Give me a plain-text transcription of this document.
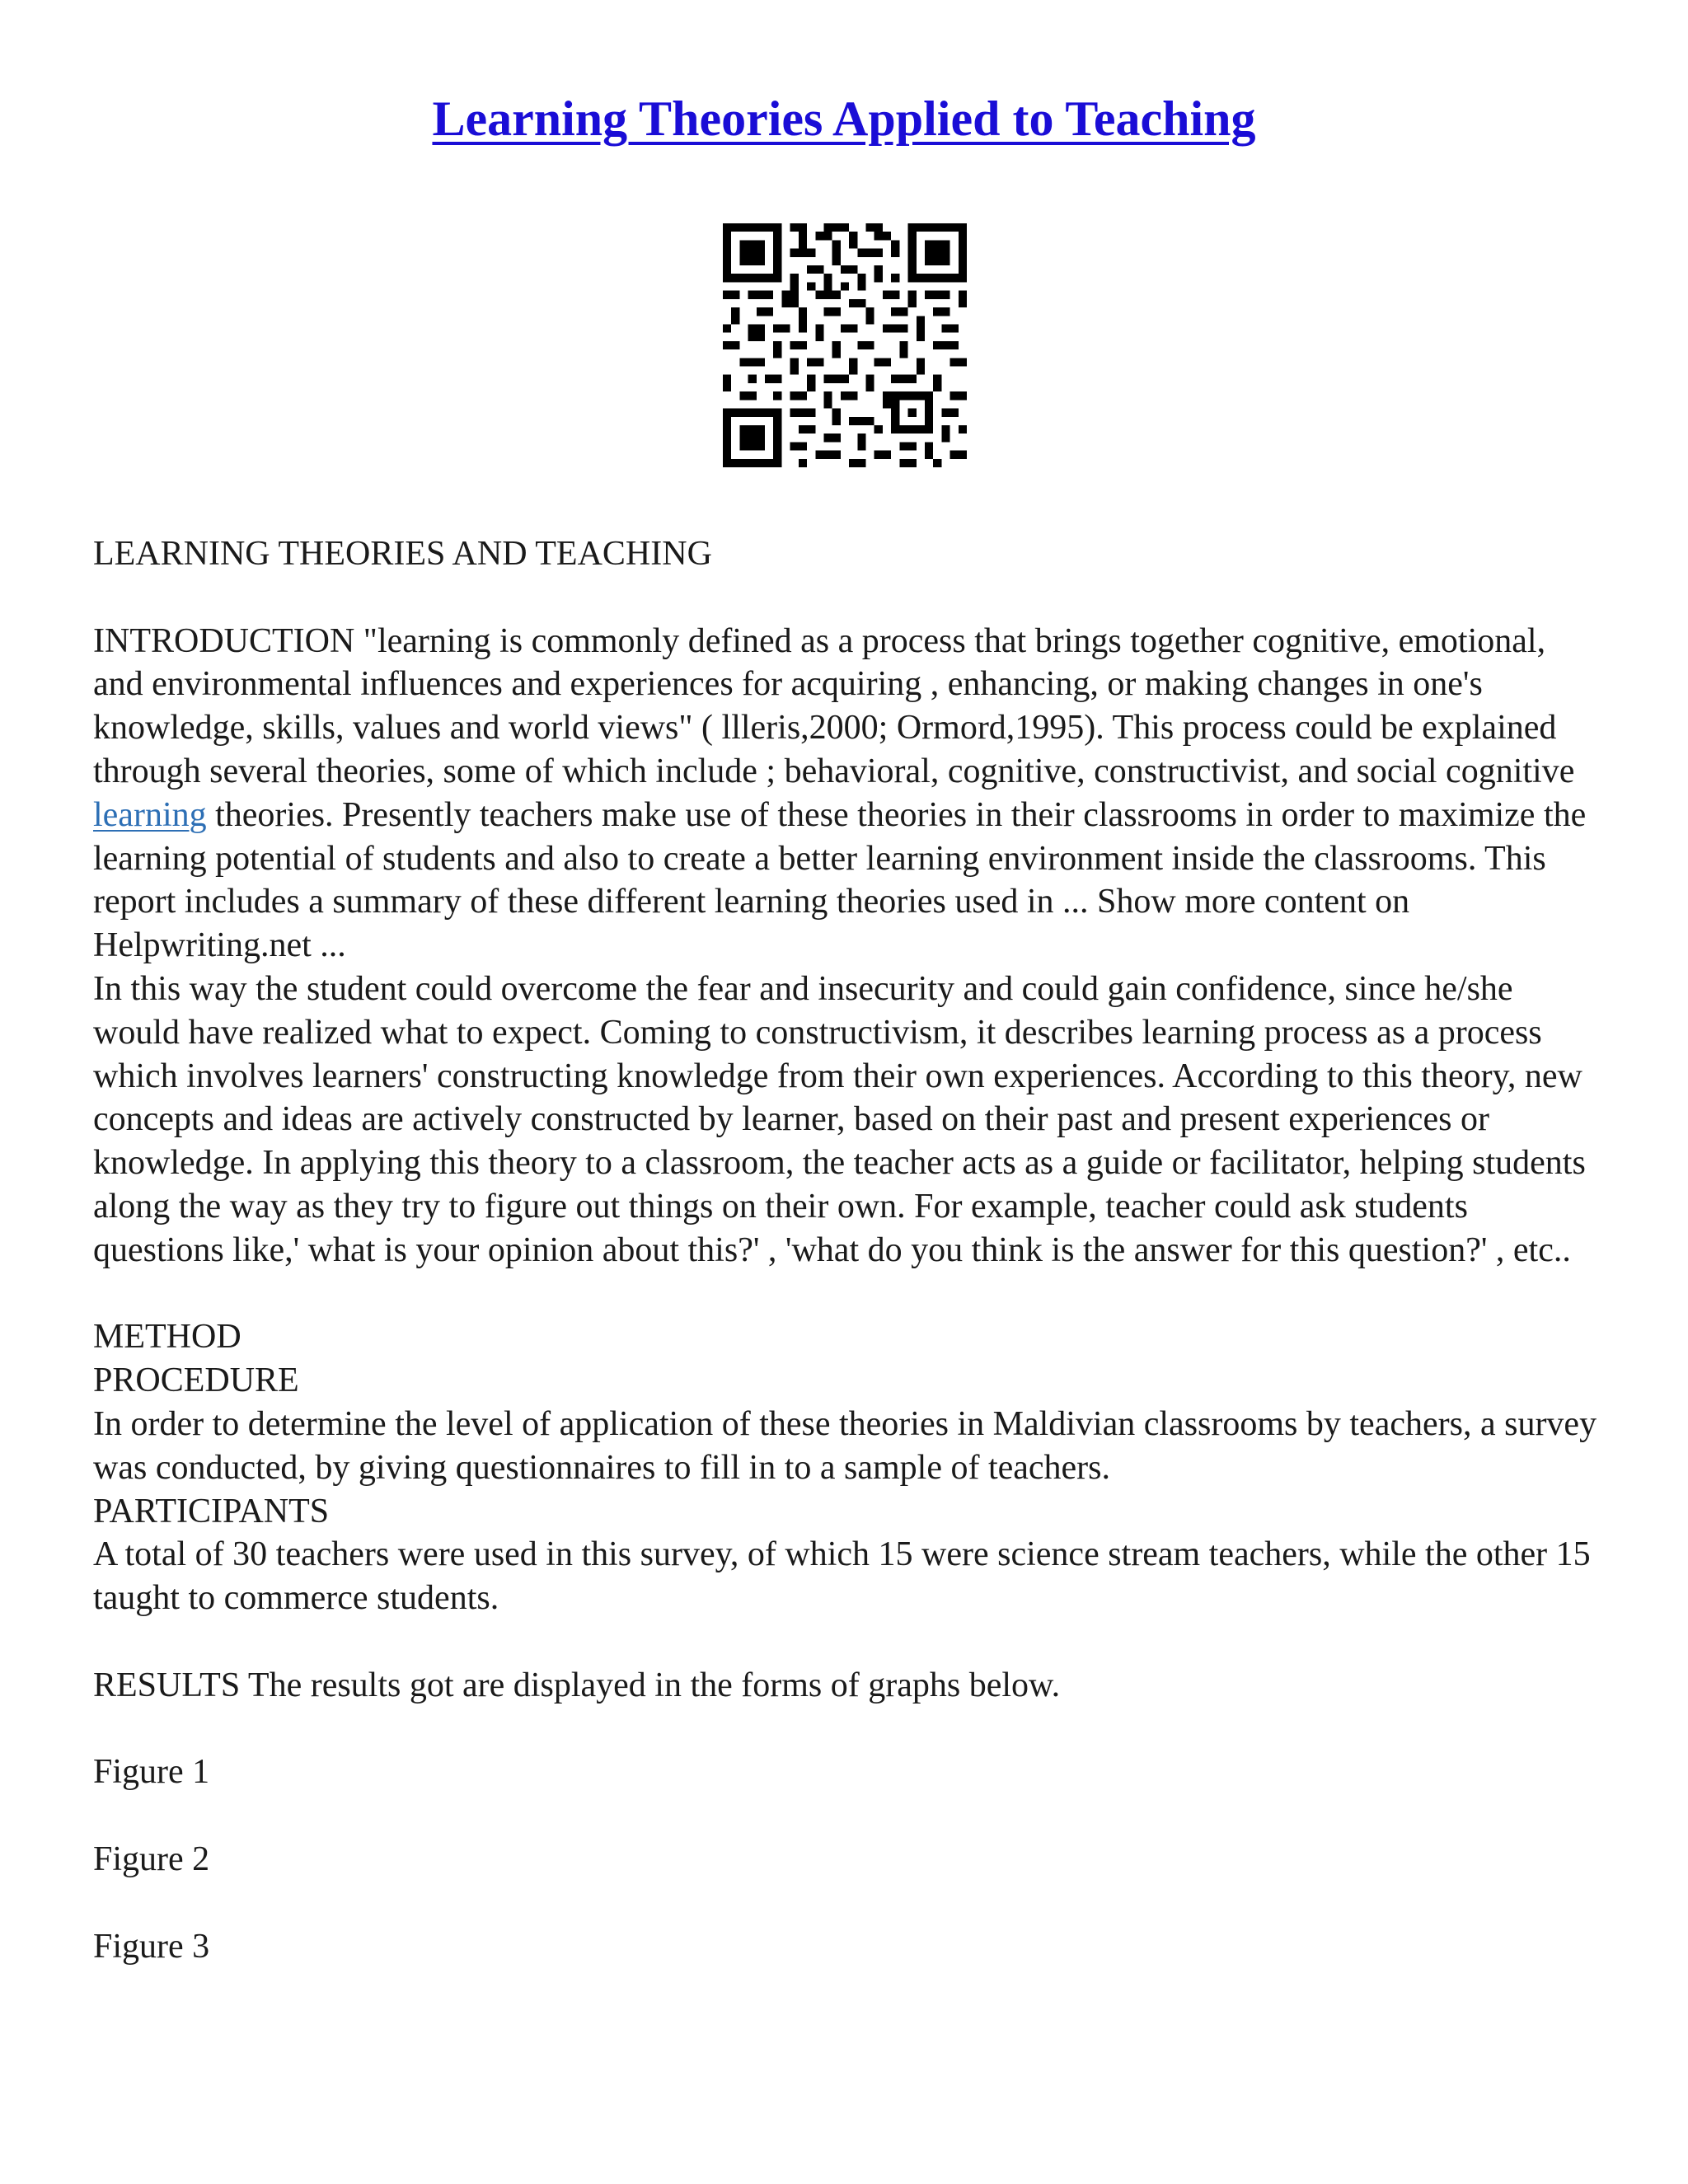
Learning Theories Applied to Teaching

LEARNING THEORIES AND TEACHING

INTRODUCTION "learning is commonly defined as a process that brings together cognitive, emotional, and environmental influences and experiences for acquiring , enhancing, or making changes in one's knowledge, skills, values and world views" ( lllеris,2000; Ormord,1995). This process could be explained through several theories, some of which include ; behavioral, cognitive, constructivist, and social cognitive learning theories. Presently teachers make use of these theories in their classrooms in order to maximize the learning potential of students and also to create a better learning environment inside the classrooms. This report includes a summary of these different learning theories used in ... Show more content on Helpwriting.net ...

In this way the student could overcome the fear and insecurity and could gain confidence, since he/she would have realized what to expect. Coming to constructivism, it describes learning process as a process which involves learners' constructing knowledge from their own experiences. According to this theory, new concepts and ideas are actively constructed by learner, based on their past and present experiences or knowledge. In applying this theory to a classroom, the teacher acts as a guide or facilitator, helping students along the way as they try to figure out things on their own. For example, teacher could ask students questions like,' what is your opinion about this?' , 'what do you think is the answer for this question?' , etc..

METHOD

PROCEDURE

In order to determine the level of application of these theories in Maldivian classrooms by teachers, a survey was conducted, by giving questionnaires to fill in to a sample of teachers.

PARTICIPANTS

A total of 30 teachers were used in this survey, of which 15 were science stream teachers, while the other 15 taught to commerce students.

RESULTS The results got are displayed in the forms of graphs below.

Figure 1

Figure 2

Figure 3
